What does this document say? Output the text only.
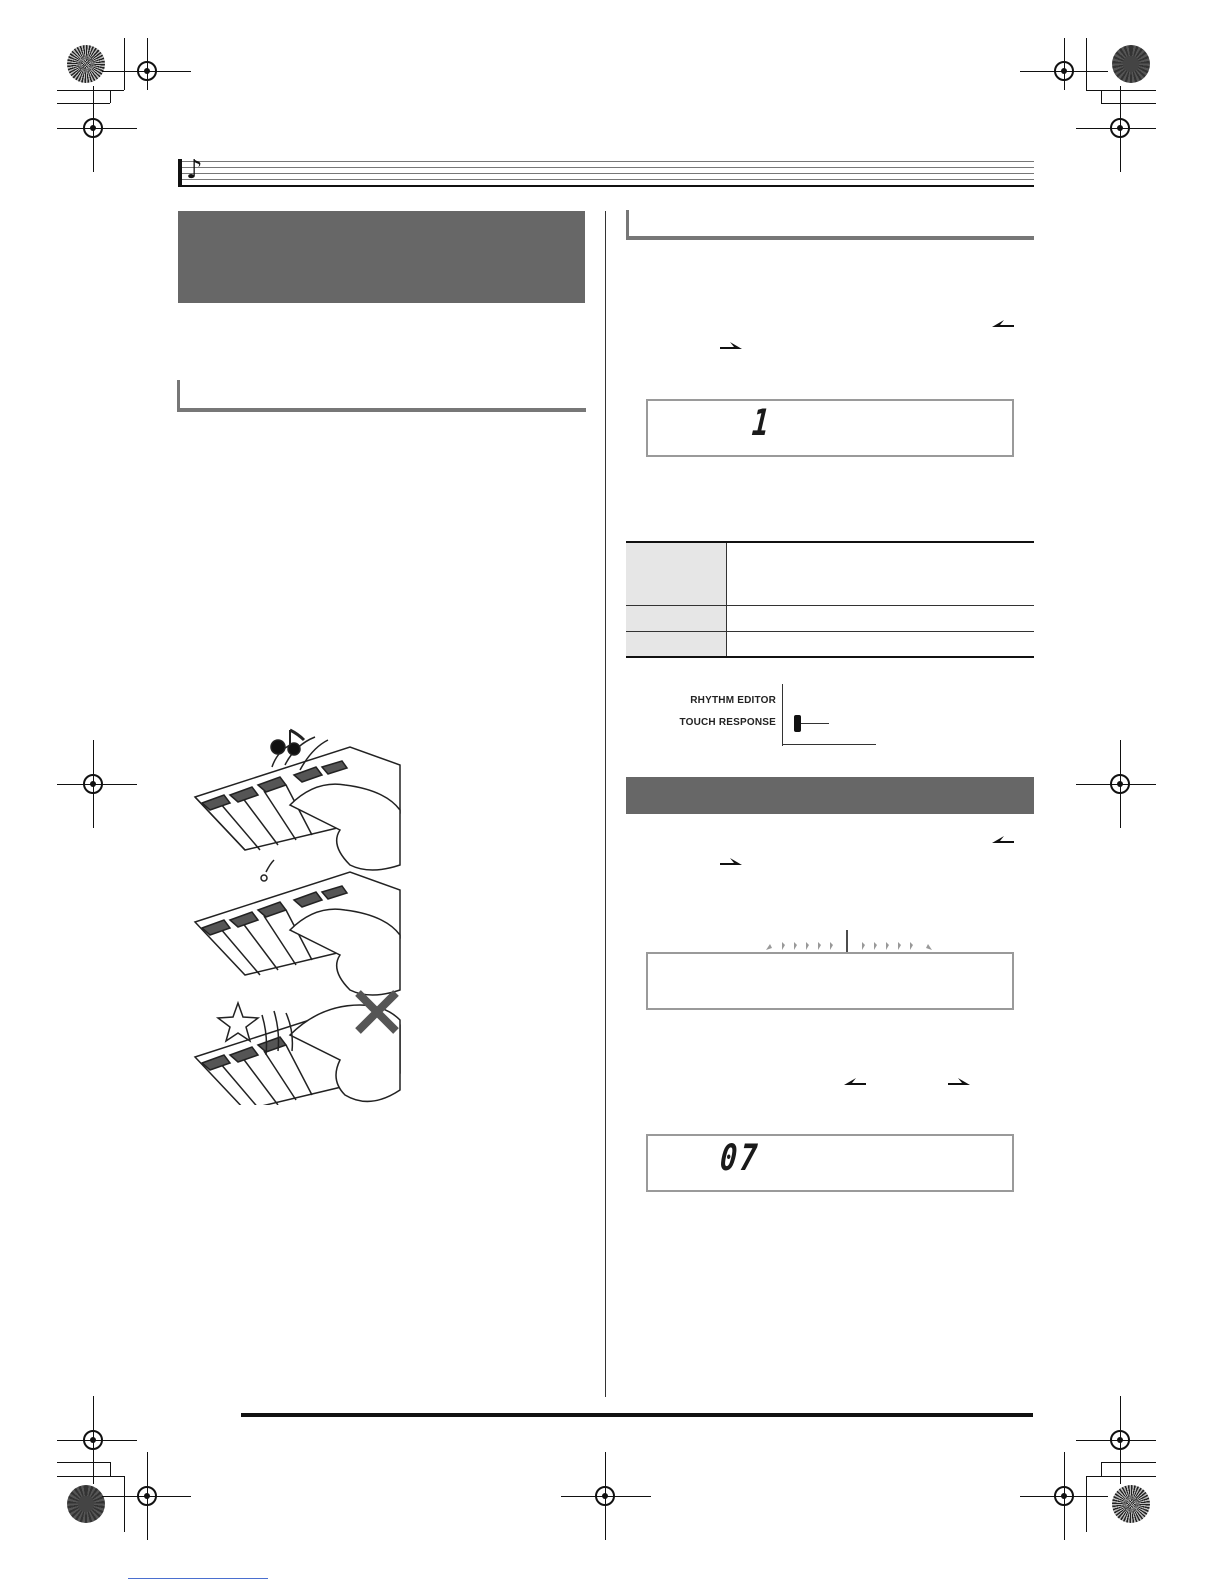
♪
1

RHYTHM EDITOR
TOUCH RESPONSE
07
